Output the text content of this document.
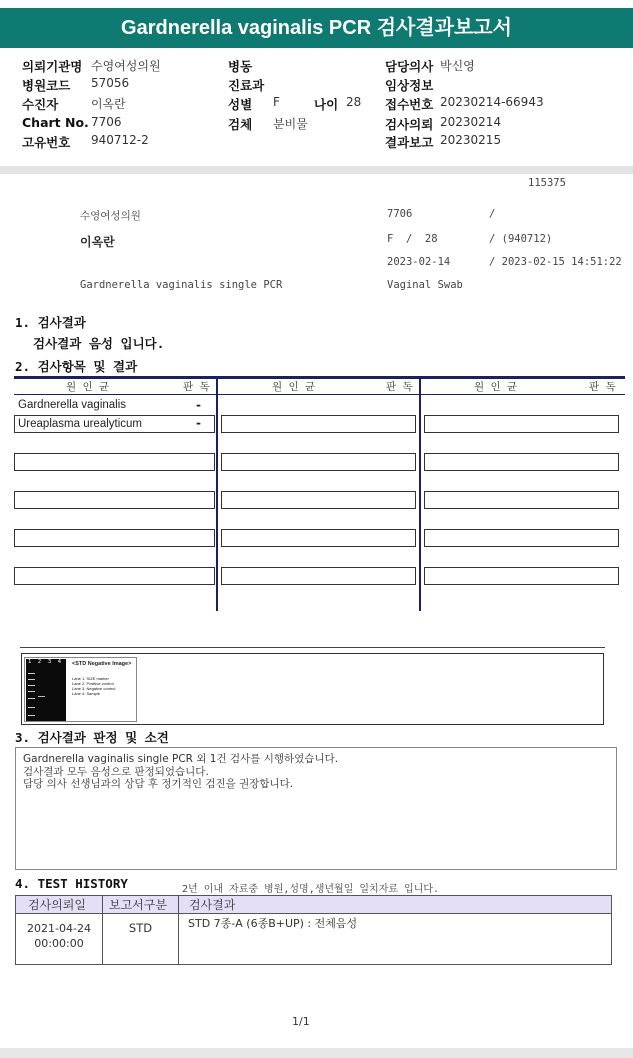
Gardnerella vaginalis PCR 검사결과보고서
의뢰기관명 수영여성의원
병원코드 57056
수진자	이옥란
Chart No. 7706
고유번호 940712-2
병동
진료과
성별 F	나이 28
검체 분비물
담당의사 박신영
임상정보
접수번호 20230214-66943
검사의뢰 20230214
결과보고 20230215
115375
수영여성의원	7706	/
이옥란	F  /  28	/ (940712)
2023-02-14	/ 2023-02-15 14:51:22
Gardnerella vaginalis single PCR	Vaginal Swab
1. 검사결과
검사결과 음성 입니다.
2. 검사항목 및 결과
원 인 균	판 독	원 인 균	판 독	원 인 균	판 독
Gardnerella vaginalis	-
Ureaplasma urealyticum	-
1  2  3  4 <STD Negative Image>
Lane 1. SIZE marker
Lane 2. Positive control
Lane 3. Negative control
Lane 4. Sample
3. 검사결과 판정 및 소견
Gardnerella vaginalis single PCR 외 1건 검사를 시행하였습니다.
검사결과 모두 음성으로 판정되었습니다.
담당 의사 선생님과의 상담 후 정기적인 검진을 권장합니다.
4. TEST HISTORY	2년 이내 자료중 병원,성명,생년월일 일치자료 입니다.
검사의뢰일	보고서구분	검사결과
2021-04-24
00:00:00
STD	STD 7종-A (6종B+UP) : 전체음성
1/1
